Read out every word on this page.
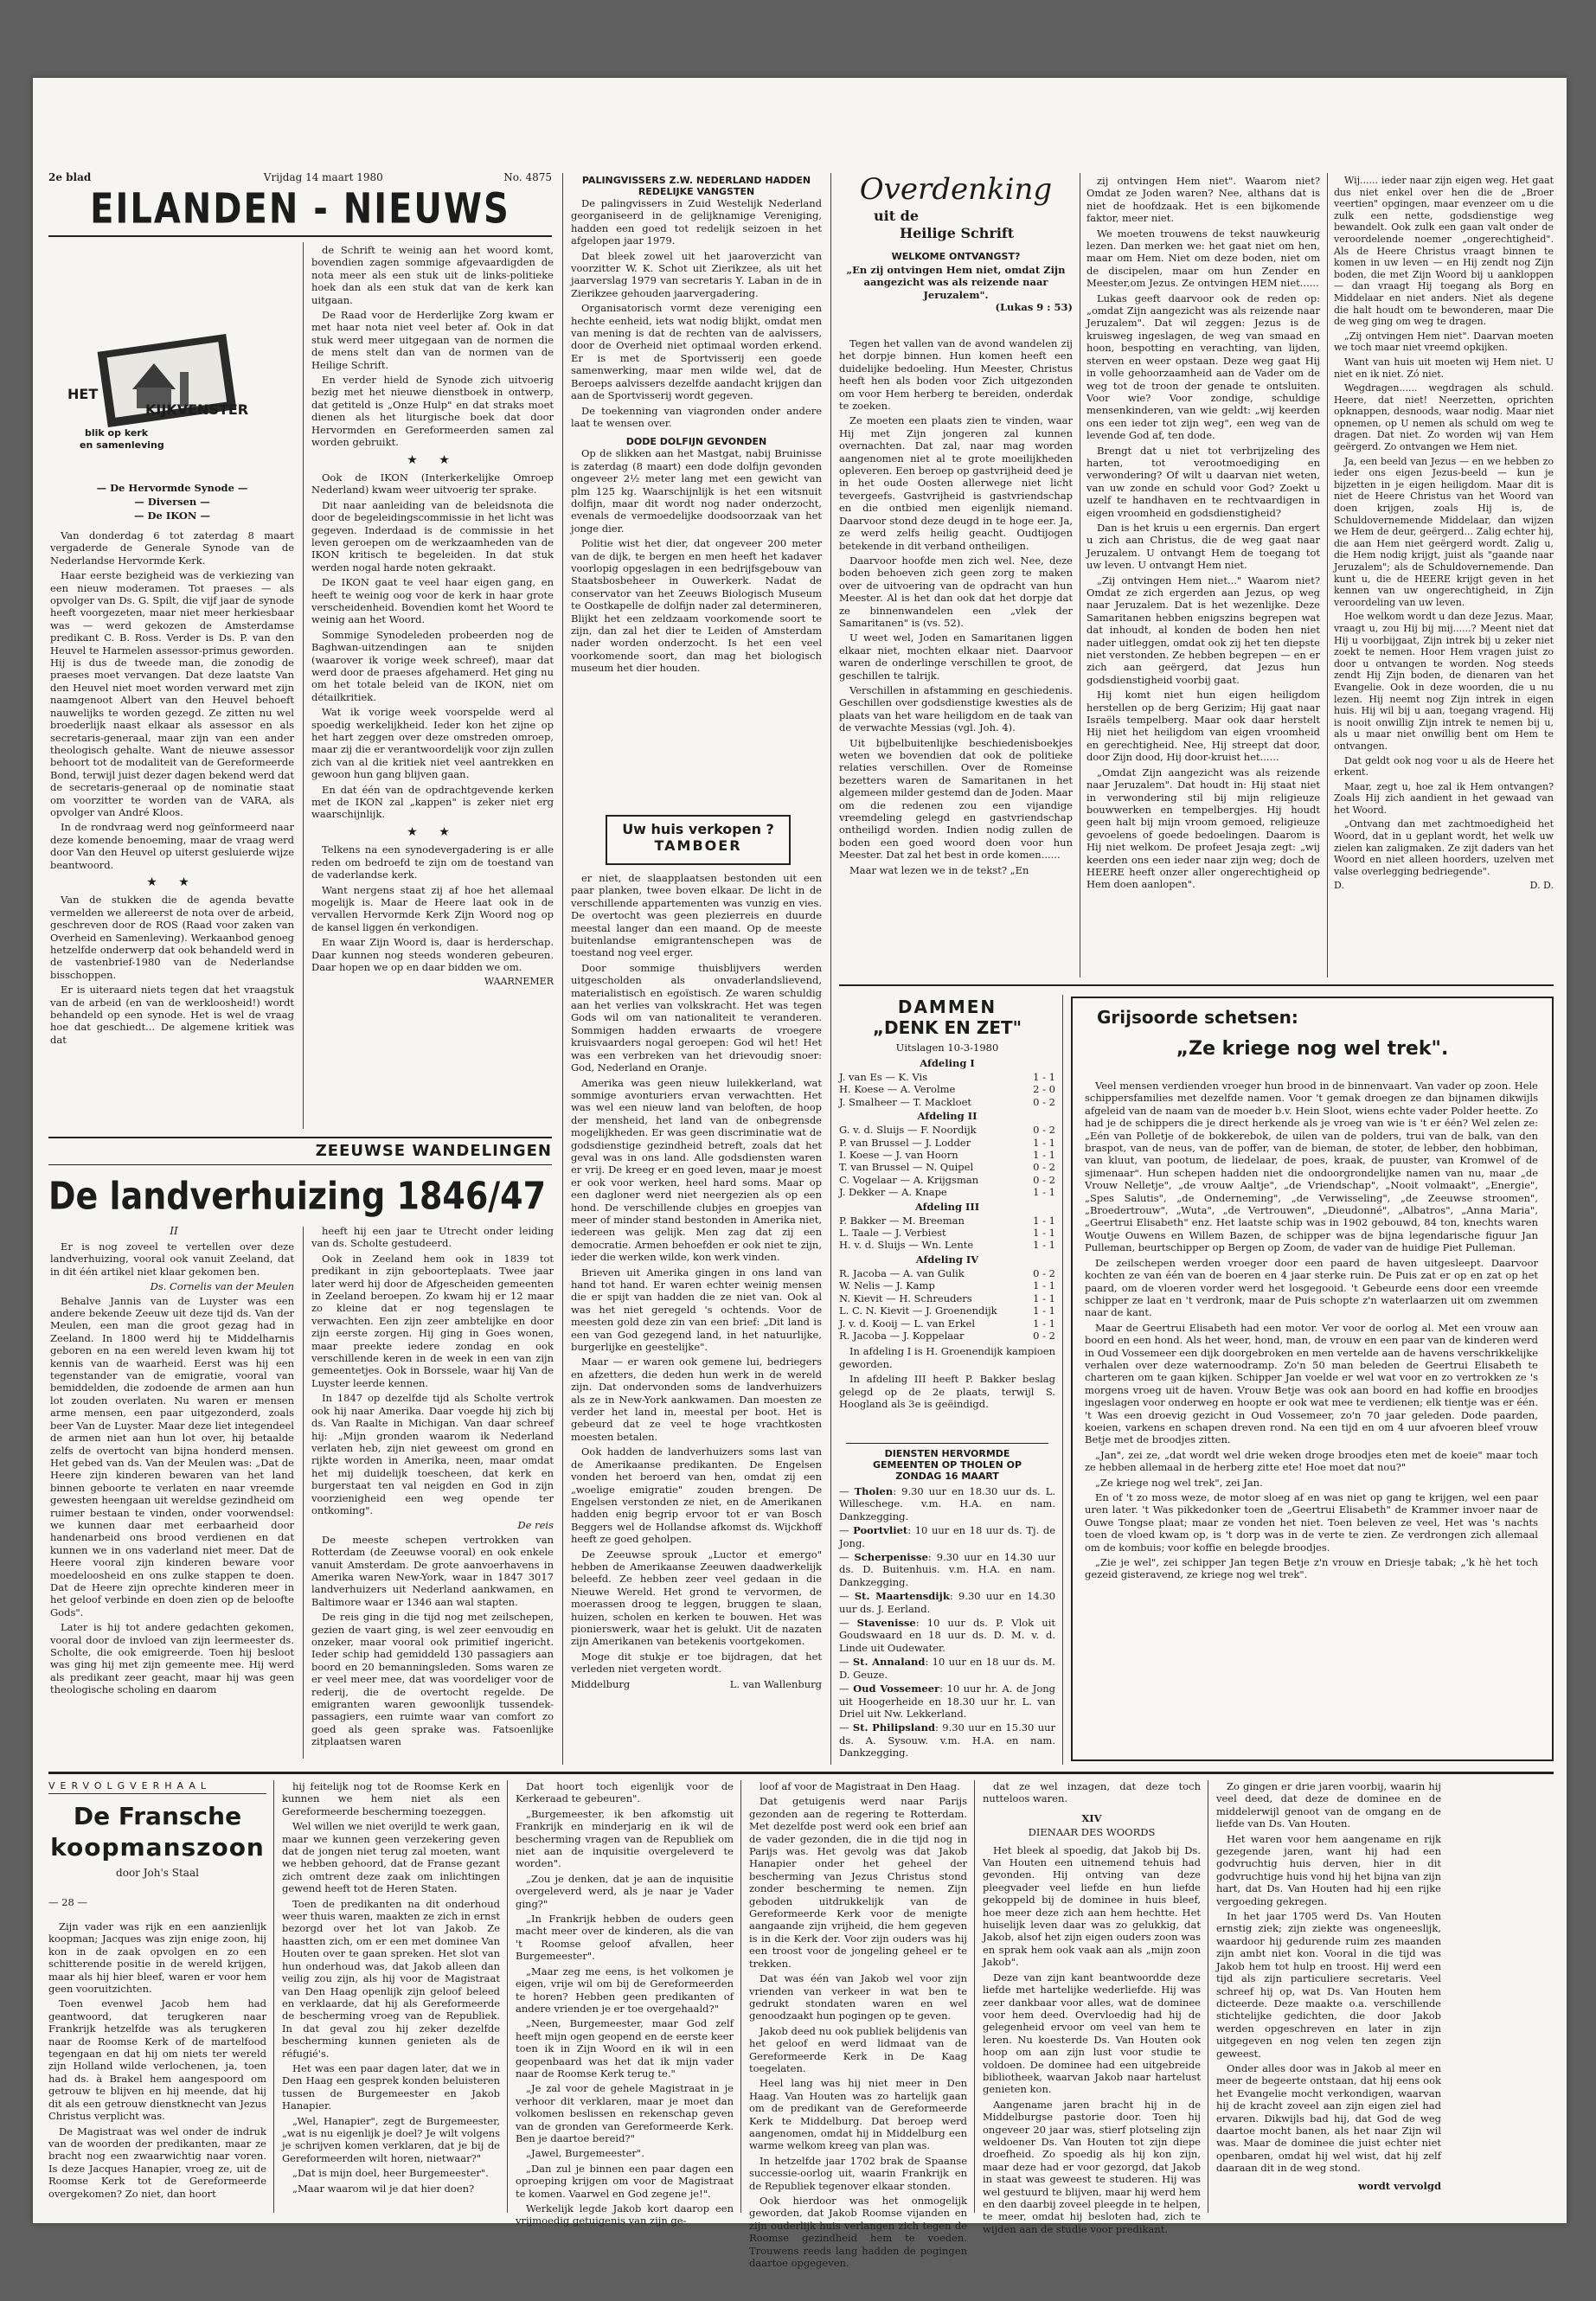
2e blad	Vrijdag 14 maart 1980	No. 4875
EILANDEN - NIEUWS
HET
KIJKVENSTER
blik op kerk
en samenleving
— De Hervormde Synode —
— Diversen —
— De IKON —

Van donderdag 6 tot zaterdag 8 maart vergaderde de Generale Synode van de Nederlandse Hervormde Kerk.

Haar eerste bezigheid was de verkiezing van een nieuw moderamen. Tot praeses — als opvolger van Ds. G. Spilt, die vijf jaar de synode heeft voorgezeten, maar niet meer herkiesbaar was — werd gekozen de Amsterdamse predikant C. B. Ross. Verder is Ds. P. van den Heuvel te Harmelen assessor-primus geworden. Hij is dus de tweede man, die zonodig de praeses moet vervangen. Dat deze laatste Van den Heuvel niet moet worden verward met zijn naamgenoot Albert van den Heuvel behoeft nauwelijks te worden gezegd. Ze zitten nu wel broederlijk naast elkaar als assessor en als secretaris-generaal, maar zijn van een ander theologisch gehalte. Want de nieuwe assessor behoort tot de modaliteit van de Gereformeerde Bond, terwijl juist dezer dagen bekend werd dat de secretaris-generaal op de nominatie staat om voorzitter te worden van de VARA, als opvolger van André Kloos.

In de rondvraag werd nog geïnformeerd naar deze komende benoeming, maar de vraag werd door Van den Heuvel op uiterst gesluierde wijze beantwoord.

★ ★

Van de stukken die de agenda bevatte vermelden we allereerst de nota over de arbeid, geschreven door de ROS (Raad voor zaken van Overheid en Samenleving). Werkaanbod genoeg hetzelfde onderwerp dat ook behandeld werd in de vastenbrief-1980 van de Nederlandse bisschoppen.

Er is uiteraard niets tegen dat het vraagstuk van de arbeid (en van de werkloosheid!) wordt behandeld op een synode. Het is wel de vraag hoe dat geschiedt... De algemene kritiek was dat

de Schrift te weinig aan het woord komt, bovendien zagen sommige afgevaardigden de nota meer als een stuk uit de links-politieke hoek dan als een stuk dat van de kerk kan uitgaan.

De Raad voor de Herderlijke Zorg kwam er met haar nota niet veel beter af. Ook in dat stuk werd meer uitgegaan van de normen die de mens stelt dan van de normen van de Heilige Schrift.

En verder hield de Synode zich uitvoerig bezig met het nieuwe dienstboek in ontwerp, dat getiteld is „Onze Hulp" en dat straks moet dienen als het liturgische boek dat door Hervormden en Gereformeerden samen zal worden gebruikt.

★ ★

Ook de IKON (Interkerkelijke Omroep Nederland) kwam weer uitvoerig ter sprake.

Dit naar aanleiding van de beleidsnota die door de begeleidingscommissie in het licht was gegeven. Inderdaad is de commissie in het leven geroepen om de werkzaamheden van de IKON kritisch te begeleiden. In dat stuk werden nogal harde noten gekraakt.

De IKON gaat te veel haar eigen gang, en heeft te weinig oog voor de kerk in haar grote verscheidenheid. Bovendien komt het Woord te weinig aan het Woord.

Sommige Synodeleden probeerden nog de Baghwan-uitzendingen aan te snijden (waarover ik vorige week schreef), maar dat werd door de praeses afgehamerd. Het ging nu om het totale beleid van de IKON, niet om détailkritiek.

Wat ik vorige week voorspelde werd al spoedig werkelijkheid. Ieder kon het zijne op het hart zeggen over deze omstreden omroep, maar zij die er verantwoordelijk voor zijn zullen zich van al die kritiek niet veel aantrekken en gewoon hun gang blijven gaan.

En dat één van de opdrachtgevende kerken met de IKON zal „kappen" is zeker niet erg waarschijnlijk.

★ ★

Telkens na een synodevergadering is er alle reden om bedroefd te zijn om de toestand van de vaderlandse kerk.

Want nergens staat zij af hoe het allemaal mogelijk is. Maar de Heere laat ook in de vervallen Hervormde Kerk Zijn Woord nog op de kansel liggen én verkondigen.

En waar Zijn Woord is, daar is herderschap. Daar kunnen nog steeds wonderen gebeuren. Daar hopen we op en daar bidden we om.

WAARNEMER
ZEEUWSE WANDELINGEN
De landverhuizing 1846/47
II

Er is nog zoveel te vertellen over deze landverhuizing, vooral ook vanuit Zeeland, dat in dit één artikel niet klaar gekomen ben.

Ds. Cornelis van der Meulen

Behalve Jannis van de Luyster was een andere bekende Zeeuw uit deze tijd ds. Van der Meulen, een man die groot gezag had in Zeeland. In 1800 werd hij te Middelharnis geboren en na een wereld leven kwam hij tot kennis van de waarheid. Eerst was hij een tegenstander van de emigratie, vooral van bemiddelden, die zodoende de armen aan hun lot zouden overlaten. Nu waren er mensen arme mensen, een paar uitgezonderd, zoals beer Van de Luyster. Maar deze liet integendeel de armen niet aan hun lot over, hij betaalde zelfs de overtocht van bijna honderd mensen. Het gebed van ds. Van der Meulen was: „Dat de Heere zijn kinderen bewaren van het land binnen geboorte te verlaten en naar vreemde gewesten heengaan uit wereldse gezindheid om ruimer bestaan te vinden, onder voorwendsel: we kunnen daar met eerbaarheid door handenarbeid ons brood verdienen en dat kunnen we in ons vaderland niet meer. Dat de Heere vooral zijn kinderen beware voor moedeloosheid en ons zulke stappen te doen. Dat de Heere zijn oprechte kinderen meer in het geloof verbinde en doen zien op de beloofte Gods".

Later is hij tot andere gedachten gekomen, vooral door de invloed van zijn leermeester ds. Scholte, die ook emigreerde. Toen hij besloot was ging hij met zijn gemeente mee. Hij werd als predikant zeer geacht, maar hij was geen theologische scholing en daarom

heeft hij een jaar te Utrecht onder leiding van ds. Scholte gestudeerd.

Ook in Zeeland hem ook in 1839 tot predikant in zijn geboorteplaats. Twee jaar later werd hij door de Afgescheiden gemeenten in Zeeland beroepen. Zo kwam hij er 12 maar zo kleine dat er nog tegenslagen te verwachten. Een zijn zeer ambtelijke en door zijn eerste zorgen. Hij ging in Goes wonen, maar preekte iedere zondag en ook verschillende keren in de week in een van zijn gemeentetjes. Ook in Borssele, waar hij Van de Luyster leerde kennen.

In 1847 op dezelfde tijd als Scholte vertrok ook hij naar Amerika. Daar voegde hij zich bij ds. Van Raalte in Michigan. Van daar schreef hij: „Mijn gronden waarom ik Nederland verlaten heb, zijn niet geweest om grond en rijkte worden in Amerika, neen, maar omdat het mij duidelijk toescheen, dat kerk en burgerstaat ten val neigden en God in zijn voorzienigheid een weg opende ter ontkoming".

De reis

De meeste schepen vertrokken van Rotterdam (de Zeeuwse vooral) en ook enkele vanuit Amsterdam. De grote aanvoerhavens in Amerika waren New-York, waar in 1847 3017 landverhuizers uit Nederland aankwamen, en Baltimore waar er 1346 aan wal stapten.

De reis ging in die tijd nog met zeilschepen, gezien de vaart ging, is wel zeer eenvoudig en onzeker, maar vooral ook primitief ingericht. Ieder schip had gemiddeld 130 passagiers aan boord en 20 bemanningsleden. Soms waren ze er veel meer mee, dat was voordeliger voor de rederij, die de overtocht regelde. De emigranten waren gewoonlijk tussendek-passagiers, een ruimte waar van comfort zo goed als geen sprake was. Fatsoenlijke zitplaatsen waren

PALINGVISSERS Z.W. NEDERLAND HADDEN REDELIJKE VANGSTEN

De palingvissers in Zuid Westelijk Nederland georganiseerd in de gelijknamige Vereniging, hadden een goed tot redelijk seizoen in het afgelopen jaar 1979.

Dat bleek zowel uit het jaaroverzicht van voorzitter W. K. Schot uit Zierikzee, als uit het jaarverslag 1979 van secretaris Y. Laban in de in Zierikzee gehouden jaarvergadering.

Organisatorisch vormt deze vereniging een hechte eenheid, iets wat nodig blijkt, omdat men van mening is dat de rechten van de aalvissers, door de Overheid niet optimaal worden erkend. Er is met de Sportvisserij een goede samenwerking, maar men wilde wel, dat de Beroeps aalvissers dezelfde aandacht krijgen dan aan de Sportvisserij wordt gegeven.

De toekenning van viagronden onder andere laat te wensen over.

DODE DOLFIJN GEVONDEN

Op de slikken aan het Mastgat, nabij Bruinisse is zaterdag (8 maart) een dode dolfijn gevonden ongeveer 2½ meter lang met een gewicht van plm 125 kg. Waarschijnlijk is het een witsnuit dolfijn, maar dit wordt nog nader onderzocht, evenals de vermoedelijke doodsoorzaak van het jonge dier.

Politie wist het dier, dat ongeveer 200 meter van de dijk, te bergen en men heeft het kadaver voorlopig opgeslagen in een bedrijfsgebouw van Staatsbosbeheer in Ouwerkerk. Nadat de conservator van het Zeeuws Biologisch Museum te Oostkapelle de dolfijn nader zal determineren, Blijkt het een zeldzaam voorkomende soort te zijn, dan zal het dier te Leiden of Amsterdam nader worden onderzocht. Is het een veel voorkomende soort, dan mag het biologisch museum het dier houden.

Uw huis verkopen ?
TAMBOER

er niet, de slaapplaatsen bestonden uit een paar planken, twee boven elkaar. De licht in de verschillende appartementen was vunzig en vies. De overtocht was geen plezierreis en duurde meestal langer dan een maand. Op de meeste buitenlandse emigrantenschepen was de toestand nog veel erger.

Door sommige thuisblijvers werden uitgescholden als onvaderlandslievend, materialistisch en egoïstisch. Ze waren schuldig aan het verlies van volkskracht. Het was tegen Gods wil om van nationaliteit te veranderen. Sommigen hadden erwaarts de vroegere kruisvaarders nogal geroepen: God wil het! Het was een verbreken van het drievoudig snoer: God, Nederland en Oranje.

Amerika was geen nieuw luilekkerland, wat sommige avonturiers ervan verwachtten. Het was wel een nieuw land van beloften, de hoop der mensheid, het land van de onbegrensde mogelijkheden. Er was geen discriminatie wat de godsdienstige gezindheid betreft, zoals dat het geval was in ons land. Alle godsdiensten waren er vrij. De kreeg er en goed leven, maar je moest er ook voor werken, heel hard soms. Maar op een dagloner werd niet neergezien als op een hond. De verschillende clubjes en groepjes van meer of minder stand bestonden in Amerika niet, iedereen was gelijk. Men zag dat zij een democratie. Armen behoefden er ook niet te zijn, ieder die werken wilde, kon werk vinden.

Brieven uit Amerika gingen in ons land van hand tot hand. Er waren echter weinig mensen die er spijt van hadden die ze niet van. Ook al was het niet geregeld 's ochtends. Voor de meesten gold deze zin van een brief: „Dit land is een van God gezegend land, in het natuurlijke, burgerlijke en geestelijke".

Maar — er waren ook gemene lui, bedriegers en afzetters, die deden hun werk in de wereld zijn. Dat ondervonden soms de landverhuizers als ze in New-York aankwamen. Dan moesten ze verder het land in, meestal per boot. Het is gebeurd dat ze veel te hoge vrachtkosten moesten betalen.

Ook hadden de landverhuizers soms last van de Amerikaanse predikanten. De Engelsen vonden het beroerd van hen, omdat zij een „woelige emigratie" zouden brengen. De Engelsen verstonden ze niet, en de Amerikanen hadden enig begrip ervoor tot er van Bosch Beggers wel de Hollandse afkomst ds. Wijckhoff heeft ze goed geholpen.

De Zeeuwse sprouk „Luctor et emergo" hebben de Amerikaanse Zeeuwen daadwerkelijk beleefd. Ze hebben zeer veel gedaan in die Nieuwe Wereld. Het grond te vervormen, de moerassen droog te leggen, bruggen te slaan, huizen, scholen en kerken te bouwen. Het was pionierswerk, waar het is gelukt. Uit de nazaten zijn Amerikanen van betekenis voortgekomen.

Moge dit stukje er toe bijdragen, dat het verleden niet vergeten wordt.

Middelburg	L. van Wallenburg
Overdenking
uit de
Heilige Schrift
WELKOME ONTVANGST?
„En zij ontvingen Hem niet, omdat Zijn aangezicht was als reizende naar Jeruzalem".
(Lukas 9 : 53)

Tegen het vallen van de avond wandelen zij het dorpje binnen. Hun komen heeft een duidelijke bedoeling. Hun Meester, Christus heeft hen als boden voor Zich uitgezonden om voor Hem herberg te bereiden, onderdak te zoeken.

Ze moeten een plaats zien te vinden, waar Hij met Zijn jongeren zal kunnen overnachten. Dat zal, naar mag worden aangenomen niet al te grote moeilijkheden opleveren. Een beroep op gastvrijheid deed je in het oude Oosten allerwege niet licht tevergeefs. Gastvrijheid is gastvriendschap en die ontbied men eigenlijk niemand. Daarvoor stond deze deugd in te hoge eer. Ja, ze werd zelfs heilig geacht. Oudtijogen betekende in dit verband ontheiligen.

Daarvoor hoofde men zich wel. Nee, deze boden behoeven zich geen zorg te maken over de uitvoering van de opdracht van hun Meester. Al is het dan ook dat het dorpje dat ze binnenwandelen een „vlek der Samaritanen" is (vs. 52).

U weet wel, Joden en Samaritanen liggen elkaar niet, mochten elkaar niet. Daarvoor waren de onderlinge verschillen te groot, de geschillen te talrijk.

Verschillen in afstamming en geschiedenis. Geschillen over godsdienstige kwesties als de plaats van het ware heiligdom en de taak van de verwachte Messias (vgl. Joh. 4).

Uit bijbelbuitenlijke beschiedenisboekjes weten we bovendien dat ook de politieke relaties verschillen. Over de Romeinse bezetters waren de Samaritanen in het algemeen milder gestemd dan de Joden. Maar om die redenen zou een vijandige vreemdeling gelegd en gastvriendschap ontheiligd worden. Indien nodig zullen de boden een goed woord doen voor hun Meester. Dat zal het best in orde komen......

Maar wat lezen we in de tekst? „En

zij ontvingen Hem niet". Waarom niet? Omdat ze Joden waren? Nee, althans dat is niet de hoofdzaak. Het is een bijkomende faktor, meer niet.

We moeten trouwens de tekst nauwkeurig lezen. Dan merken we: het gaat niet om hen, maar om Hem. Niet om deze boden, niet om de discipelen, maar om hun Zender en Meester,om Jezus. Ze ontvingen HEM niet......

Lukas geeft daarvoor ook de reden op: „omdat Zijn aangezicht was als reizende naar Jeruzalem". Dat wil zeggen: Jezus is de kruisweg ingeslagen, de weg van smaad en hoon, bespotting en verachting, van lijden, sterven en weer opstaan. Deze weg gaat Hij in volle gehoorzaamheid aan de Vader om de weg tot de troon der genade te ontsluiten. Voor wie? Voor zondige, schuldige mensenkinderen, van wie geldt: „wij keerden ons een ieder tot zijn weg", een weg van de levende God af, ten dode.

Brengt dat u niet tot verbrijzeling des harten, tot verootmoediging en verwondering? Of wilt u daarvan niet weten, van uw zonde en schuld voor God? Zoekt u uzelf te handhaven en te rechtvaardigen in eigen vroomheid en godsdienstigheid?

Dan is het kruis u een ergernis. Dan ergert u zich aan Christus, die de weg gaat naar Jeruzalem. U ontvangt Hem de toegang tot uw leven. U ontvangt Hem niet.

„Zij ontvingen Hem niet..." Waarom niet? Omdat ze zich ergerden aan Jezus, op weg naar Jeruzalem. Dat is het wezenlijke. Deze Samaritanen hebben enigszins begrepen wat dat inhoudt, al konden de boden hen niet nader uitleggen, omdat ook zij het ten diepste niet verstonden. Ze hebben begrepen — en er zich aan geërgerd, dat Jezus hun godsdienstigheid voorbij gaat.

Hij komt niet hun eigen heiligdom herstellen op de berg Gerizim; Hij gaat naar Israëls tempelberg. Maar ook daar herstelt Hij niet het heiligdom van eigen vroomheid en gerechtigheid. Nee, Hij streept dat door, door Zijn dood, Hij door-kruist het......

„Omdat Zijn aangezicht was als reizende naar Jeruzalem". Dat houdt in: Hij staat niet in verwondering stil bij mijn religieuze bouwwerken en tempelbergjes. Hij houdt geen halt bij mijn vroom gemoed, religieuze gevoelens of goede bedoelingen. Daarom is Hij niet welkom. De profeet Jesaja zegt: „wij keerden ons een ieder naar zijn weg; doch de HEERE heeft onzer aller ongerechtigheid op Hem doen aanlopen".

Wij...... ieder naar zijn eigen weg. Het gaat dus niet enkel over hen die de „Broer veertien" opgingen, maar evenzeer om u die zulk een nette, godsdienstige weg bewandelt. Ook zulk een gaan valt onder de veroordelende noemer „ongerechtigheid". Als de Heere Christus vraagt binnen te komen in uw leven — en Hij zendt nog Zijn boden, die met Zijn Woord bij u aankloppen — dan vraagt Hij toegang als Borg en Middelaar en niet anders. Niet als degene die halt houdt om te bewonderen, maar Die de weg ging om weg te dragen.

„Zij ontvingen Hem niet". Daarvan moeten we toch maar niet vreemd opkijken.

Want van huis uit moeten wij Hem niet. U niet en ik niet. Zó niet.

Wegdragen...... wegdragen als schuld. Heere, dat niet! Neerzetten, oprichten opknappen, desnoods, waar nodig. Maar niet opnemen, op U nemen als schuld om weg te dragen. Dat niet. Zo worden wij van Hem geërgerd. Zo ontvangen we Hem niet.

Ja, een beeld van Jezus — en we hebben zo ieder ons eigen Jezus-beeld — kun je bijzetten in je eigen heiligdom. Maar dit is niet de Heere Christus van het Woord van doen krijgen, zoals Hij is, de Schuldovernemende Middelaar, dan wijzen we Hem de deur, geërgerd... Zalig echter hij, die aan Hem niet geërgerd wordt. Zalig u, die Hem nodig krijgt, juist als "gaande naar Jeruzalem"; als de Schuldovernemende. Dan kunt u, die de HEERE krijgt geven in het kennen van uw ongerechtigheid, in Zijn veroordeling van uw leven.

Hoe welkom wordt u dan deze Jezus. Maar, vraagt u, zou Hij bij mij......? Meent niet dat Hij u voorbijgaat, Zijn intrek bij u zeker niet zoekt te nemen. Hoor Hem vragen juist zo door u ontvangen te worden. Nog steeds zendt Hij Zijn boden, de dienaren van het Evangelie. Ook in deze woorden, die u nu lezen. Hij neemt nog Zijn intrek in eigen huis. Hij wil bij u aan, toegang vragend. Hij is nooit onwillig Zijn intrek te nemen bij u, als u maar niet onwillig bent om Hem te ontvangen.

Dat geldt ook nog voor u als de Heere het erkent.

Maar, zegt u, hoe zal ik Hem ontvangen? Zoals Hij zich aandient in het gewaad van het Woord.

„Ontvang dan met zachtmoedigheid het Woord, dat in u geplant wordt, het welk uw zielen kan zaligmaken. Ze zijt daders van het Woord en niet alleen hoorders, uzelven met valse overlegging bedriegende".

D.	D. D.
DAMMEN
„DENK EN ZET"
Uitslagen 10-3-1980
Afdeling I
J. van Es — K. Vis	1 - 1
H. Koese — A. Verolme	2 - 0
J. Smalheer — T. Mackloet	0 - 2
Afdeling II
G. v. d. Sluijs — F. Noordijk	0 - 2
P. van Brussel — J. Lodder	1 - 1
I. Koese — J. van Hoorn	1 - 1
T. van Brussel — N. Quipel	0 - 2
C. Vogelaar — A. Krijgsman	0 - 2
J. Dekker — A. Knape	1 - 1
Afdeling III
P. Bakker — M. Breeman	1 - 1
L. Taale — J. Verbiest	1 - 1
H. v. d. Sluijs — Wn. Lente	1 - 1
Afdeling IV
R. Jacoba — A. van Gulik	0 - 2
W. Nelis — J. Kamp	1 - 1
N. Kievit — H. Schreuders	1 - 1
L. C. N. Kievit — J. Groenendijk	1 - 1
J. v. d. Kooij — L. van Erkel	1 - 1
R. Jacoba — J. Koppelaar	0 - 2

In afdeling I is H. Groenendijk kampioen geworden.

In afdeling III heeft P. Bakker beslag gelegd op de 2e plaats, terwijl S. Hoogland als 3e is geëindigd.

DIENSTEN HERVORMDE
GEMEENTEN OP THOLEN OP
ZONDAG 16 MAART
— Tholen: 9.30 uur en 18.30 uur ds. L. Willeschege. v.m. H.A. en nam. Dankzegging.
— Poortvliet: 10 uur en 18 uur ds. Tj. de Jong.
— Scherpenisse: 9.30 uur en 14.30 uur ds. D. Buitenhuis. v.m. H.A. en nam. Dankzegging.
— St. Maartensdijk: 9.30 uur en 14.30 uur ds. J. Eerland.
— Stavenisse: 10 uur ds. P. Vlok uit Goudswaard en 18 uur ds. D. M. v. d. Linde uit Oudewater.
— St. Annaland: 10 uur en 18 uur ds. M. D. Geuze.
— Oud Vossemeer: 10 uur hr. A. de Jong uit Hoogerheide en 18.30 uur hr. L. van Driel uit Nw. Lekkerland.
— St. Philipsland: 9.30 uur en 15.30 uur ds. A. Sysouw. v.m. H.A. en nam. Dankzegging.
Grijsoorde schetsen:
„Ze kriege nog wel trek".

Veel mensen verdienden vroeger hun brood in de binnenvaart. Van vader op zoon. Hele schippersfamilies met dezelfde namen. Voor 't gemak droegen ze dan bijnamen dikwijls afgeleid van de naam van de moeder b.v. Hein Sloot, wiens echte vader Polder heette. Zo had je de schippers die je direct herkende als je vroeg van wie is 't er één? Wel zelen ze: „Eén van Polletje of de bokkerebok, de uilen van de polders, trui van de balk, van den braspot, van de neus, van de poffer, van de bieman, de stoter, de lebber, den hobbiman, van kluut, van pootum, de liedelaar, de poes, kraak, de puuster, van Kromwel of de sjimenaar". Hun schepen hadden niet die ondoorgrondelijke namen van nu, maar „de Vrouw Nelletje", „de vrouw Aaltje", „de Vriendschap", „Nooit volmaakt", „Energie", „Spes Salutis", „de Onderneming", „de Verwisseling", „de Zeeuwse stroomen", „Broedertrouw", „Wuta", „de Vertrouwen", „Dieudonné", „Albatros", „Anna Maria", „Geertrui Elisabeth" enz. Het laatste schip was in 1902 gebouwd, 84 ton, knechts waren Woutje Ouwens en Willem Bazen, de schipper was de bijna legendarische figuur Jan Pulleman, beurtschipper op Bergen op Zoom, de vader van de huidige Piet Pulleman.

De zeilschepen werden vroeger door een paard de haven uitgesleept. Daarvoor kochten ze van één van de boeren en 4 jaar sterke ruin. De Puis zat er op en zat op het paard, om de vloeren vorder werd het losgegooid. 't Gebeurde eens door een vreemde schipper ze laat en 't verdronk, maar de Puis schopte z'n waterlaarzen uit om zwemmen naar de kant.

Maar de Geertrui Elisabeth had een motor. Ver voor de oorlog al. Met een vrouw aan boord en een hond. Als het weer, hond, man, de vrouw en een paar van de kinderen werd in Oud Vossemeer een dijk doorgebroken en men vertelde aan de havens verschrikkelijke verhalen over deze waternoodramp. Zo'n 50 man beleden de Geertrui Elisabeth te charteren om te gaan kijken. Schipper Jan voelde er wel wat voor en zo vertrokken ze 's morgens vroeg uit de haven. Vrouw Betje was ook aan boord en had koffie en broodjes ingeslagen voor onderweg en hoopte er ook wat mee te verdienen; elk tientje was er één. 't Was een droevig gezicht in Oud Vossemeer, zo'n 70 jaar geleden. Dode paarden, koeien, varkens en schapen dreven rond. Na een tijd en om 4 uur afvoeren bleef vrouw Betje met de broodjes zitten.

„Jan", zei ze, „dat wordt wel drie weken droge broodjes eten met de koeie" maar toch ze hebben allemaal in de herberg zitte ete! Hoe moet dat nou?"

„Ze kriege nog wel trek", zei Jan.

En of 't zo moss weze, de motor sloeg af en was niet op gang te krijgen, wel een paar uren later. 't Was pikkedonker toen de „Geertrui Elisabeth" de Krammer invoer naar de Ouwe Tongse plaat; maar ze vonden het niet. Toen beleven ze veel, Het was 's nachts toen de vloed kwam op, is 't dorp was in de verte te zien. Ze verdrongen zich allemaal om de kombuis; voor koffie en belegde broodjes.

„Zie je wel", zei schipper Jan tegen Betje z'n vrouw en Driesje tabak; „'k hè het toch gezeid gisteravend, ze kriege nog wel trek".

VERVOLGVERHAAL
De Fransche
koopmanszoon
door Joh's Staal
— 28 —

Zijn vader was rijk en een aanzienlijk koopman; Jacques was zijn enige zoon, hij kon in de zaak opvolgen en zo een schitterende positie in de wereld krijgen, maar als hij hier bleef, waren er voor hem geen vooruitzichten.

Toen evenwel Jacob hem had geantwoord, dat terugkeren naar Frankrijk hetzelfde was als terugkeren naar de Roomse Kerk of de martelfood tegengaan en dat hij om niets ter wereld zijn Holland wilde verlochenen, ja, toen had ds. à Brakel hem aangespoord om getrouw te blijven en hij meende, dat hij dit als een getrouw dienstknecht van Jezus Christus verplicht was.

De Magistraat was wel onder de indruk van de woorden der predikanten, maar ze bracht nog een zwaarwichtig naar voren. Is deze Jacques Hanapier, vroeg ze, uit de Roomse Kerk tot de Gereformeerde overgekomen? Zo niet, dan hoort

hij feitelijk nog tot de Roomse Kerk en kunnen we hem niet als een Gereformeerde bescherming toezeggen.

Wel willen we niet overijld te werk gaan, maar we kunnen geen verzekering geven dat de jongen niet terug zal moeten, want we hebben gehoord, dat de Franse gezant zich omtrent deze zaak om inlichtingen gewend heeft tot de Heren Staten.

Toen de predikanten na dit onderhoud weer thuis waren, maakten ze zich in ernst bezorgd over het lot van Jakob. Ze haastten zich, om er een met dominee Van Houten over te gaan spreken. Het slot van hun onderhoud was, dat Jakob alleen dan veilig zou zijn, als hij voor de Magistraat van Den Haag openlijk zijn geloof beleed en verklaarde, dat hij als Gereformeerde de bescherming vroeg van de Republiek. In dat geval zou hij zeker dezelfde bescherming kunnen genieten als de réfugié's.

Het was een paar dagen later, dat we in Den Haag een gesprek konden beluisteren tussen de Burgemeester en Jakob Hanapier.

„Wel, Hanapier", zegt de Burgemeester, „wat is nu eigenlijk je doel? Je wilt volgens je schrijven komen verklaren, dat je bij de Gereformeerden wilt horen, nietwaar?"

„Dat is mijn doel, heer Burgemeester".

„Maar waarom wil je dat hier doen?

Dat hoort toch eigenlijk voor de Kerkeraad te gebeuren".

„Burgemeester, ik ben afkomstig uit Frankrijk en minderjarig en ik wil de bescherming vragen van de Republiek om niet aan de inquisitie overgeleverd te worden".

„Zou je denken, dat je aan de inquisitie overgeleverd werd, als je naar je Vader ging?"

„In Frankrijk hebben de ouders geen macht meer over de kinderen, als die van 't Roomse geloof afvallen, heer Burgemeester".

„Maar zeg me eens, is het volkomen je eigen, vrije wil om bij de Gereformeerden te horen? Hebben geen predikanten of andere vrienden je er toe overgehaald?"

„Neen, Burgemeester, maar God zelf heeft mijn ogen geopend en de eerste keer toen ik in Zijn Woord en ik wil in een geopenbaard was het dat ik mijn vader naar de Roomse Kerk terug te."

„Je zal voor de gehele Magistraat in je verhoor dit verklaren, maar je moet dan volkomen beslissen en rekenschap geven van de gronden van Gereformeerde Kerk. Ben je daartoe bereid?"

„Jawel, Burgemeester".

„Dan zul je binnen een paar dagen een oproeping krijgen om voor de Magistraat te komen. Vaarwel en God zegene je!".

Werkelijk legde Jakob kort daarop een vrijmoedig getuigenis van zijn ge-

loof af voor de Magistraat in Den Haag.

Dat getuigenis werd naar Parijs gezonden aan de regering te Rotterdam. Met dezelfde post werd ook een brief aan de vader gezonden, die in die tijd nog in Parijs was. Het gevolg was dat Jakob Hanapier onder het geheel der bescherming van Jezus Christus stond zonder bescherming te nemen. Zijn geboden uitdrukkelijk van de Gereformeerde Kerk voor de menigte aangaande zijn vrijheid, die hem gegeven is in die Kerk der. Voor zijn ouders was hij een troost voor de jongeling geheel er te trekken.

Dat was één van Jakob wel voor zijn vrienden van verkeer in wat ben te gedrukt stondaten waren en wel genoodzaakt hun pogingen op te geven.

Jakob deed nu ook publiek belijdenis van het geloof en werd lidmaat van de Gereformeerde Kerk in De Kaag toegelaten.

Heel lang was hij niet meer in Den Haag. Van Houten was zo hartelijk gaan om de predikant van de Gereformeerde Kerk te Middelburg. Dat beroep werd aangenomen, omdat hij in Middelburg een warme welkom kreeg van plan was.

In hetzelfde jaar 1702 brak de Spaanse successie-oorlog uit, waarin Frankrijk en de Republiek tegenover elkaar stonden.

Ook hierdoor was het onmogelijk geworden, dat Jakob Roomse vijanden en zijn ouderlijk huis verlangen zich tegen de Roomse gezindheid hem te voeden. Trouwens reeds lang hadden de pogingen daartoe opgegeven.

dat ze wel inzagen, dat deze toch nutteloos waren.

XIV
DIENAAR DES WOORDS

Het bleek al spoedig, dat Jakob bij Ds. Van Houten een uitnemend tehuis had gevonden. Hij ontving van deze pleegvader veel liefde en hun liefde gekoppeld bij de dominee in huis bleef, hoe meer deze zich aan hem hechtte. Het huiselijk leven daar was zo gelukkig, dat Jakob, alsof het zijn eigen ouders zoon was en sprak hem ook vaak aan als „mijn zoon Jakob".

Deze van zijn kant beantwoordde deze liefde met hartelijke wederliefde. Hij was zeer dankbaar voor alles, wat de dominee voor hem deed. Overvloedig had hij de gelegenheid ervoor om veel van hem te leren. Nu koesterde Ds. Van Houten ook hoop om aan zijn lust voor studie te voldoen. De dominee had een uitgebreide bibliotheek, waarvan Jakob naar hartelust genieten kon.

Aangename jaren bracht hij in de Middelburgse pastorie door. Toen hij ongeveer 20 jaar was, stierf plotseling zijn weldoener Ds. Van Houten tot zijn diepe droefheid. Zo spoedig als hij kon zijn, maar deze had er voor gezorgd, dat Jakob in staat was geweest te studeren. Hij was wel gestuurd te blijven, maar hij werd hem en den daarbij zoveel pleegde in te helpen, te meer, omdat hij besloten had, zich te wijden aan de studie voor predikant.

Zo gingen er drie jaren voorbij, waarin hij veel deed, dat deze de dominee en de middelerwijl genoot van de omgang en de liefde van Ds. Van Houten.

Het waren voor hem aangename en rijk gezegende jaren, want hij had een godvruchtig huis derven, hier in dit godvruchtige huis vond hij het bijna van zijn hart, dat Ds. Van Houten had hij een rijke vergoeding gekregen.

In het jaar 1705 werd Ds. Van Houten ernstig ziek; zijn ziekte was ongeneeslijk, waardoor hij gedurende ruim zes maanden zijn ambt niet kon. Vooral in die tijd was Jakob hem tot hulp en troost. Hij werd een tijd als zijn particuliere secretaris. Veel schreef hij op, wat Ds. Van Houten hem dicteerde. Deze maakte o.a. verschillende stichtelijke gedichten, die door Jakob werden opgeschreven en later in zijn uitgegeven en nog velen ten zegen zijn geweest.

Onder alles door was in Jakob al meer en meer de begeerte ontstaan, dat hij eens ook het Evangelie mocht verkondigen, waarvan hij de kracht zoveel aan zijn eigen ziel had ervaren. Dikwijls bad hij, dat God de weg daartoe mocht banen, als het naar Zijn wil was. Maar de dominee die juist echter niet openbaren, omdat hij wel wist, dat hij zelf daaraan dit in de weg stond.

wordt vervolgd
